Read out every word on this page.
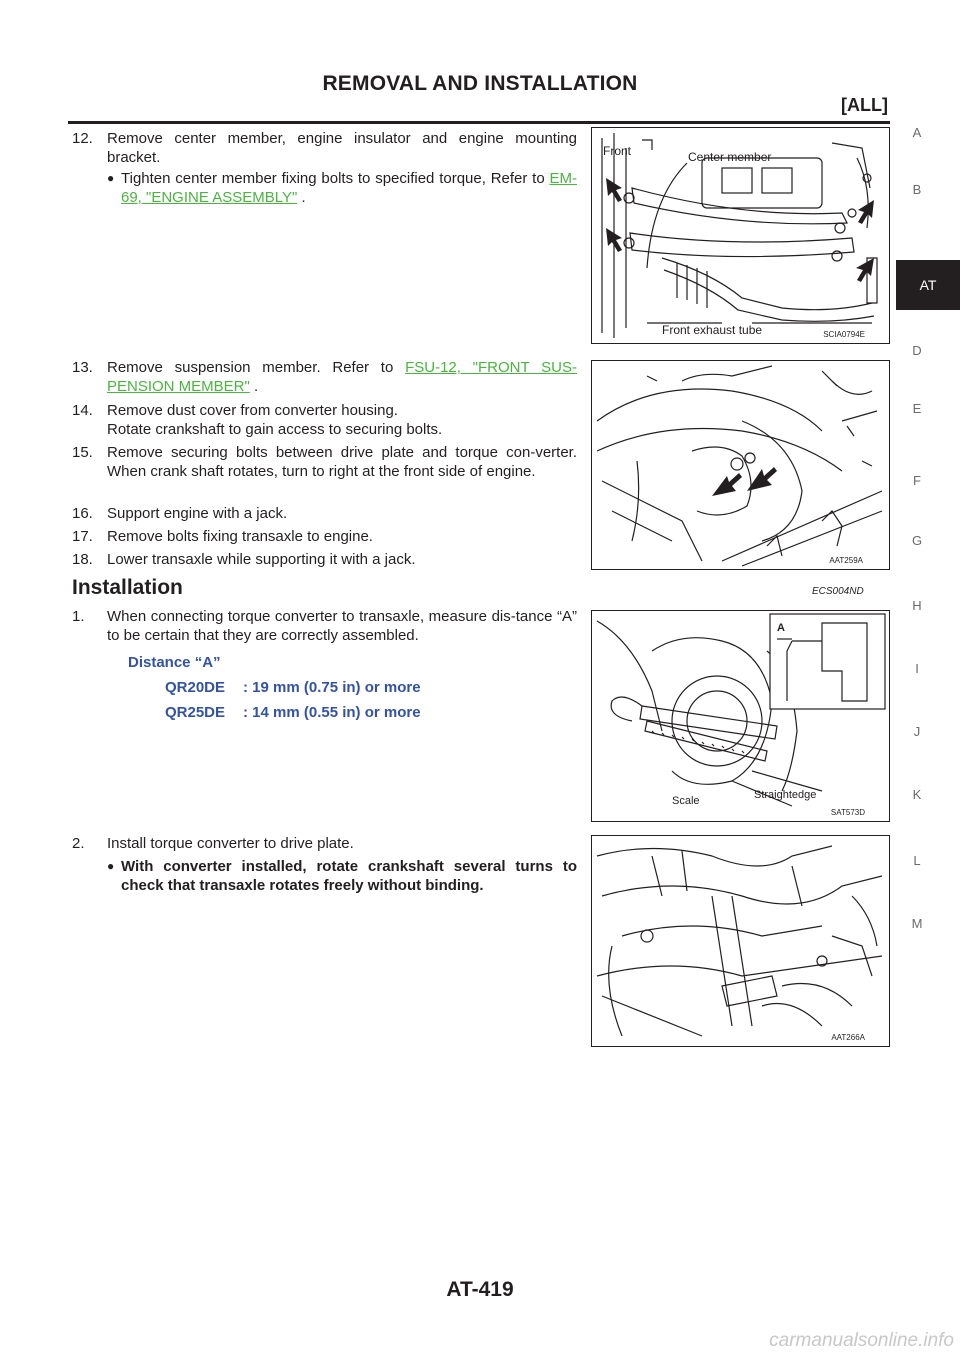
REMOVAL AND INSTALLATION
[ALL]
12. Remove center member, engine insulator and engine mounting bracket.
● Tighten center member fixing bolts to specified torque, Refer to EM-69, "ENGINE ASSEMBLY" .
13. Remove suspension member. Refer to FSU-12, "FRONT SUS-PENSION MEMBER" .
14. Remove dust cover from converter housing.
Rotate crankshaft to gain access to securing bolts.
15. Remove securing bolts between drive plate and torque con-verter. When crank shaft rotates, turn to right at the front side of engine.
16. Support engine with a jack.
17. Remove bolts fixing transaxle to engine.
18. Lower transaxle while supporting it with a jack.
Installation	ECS004ND
1. When connecting torque converter to transaxle, measure dis-tance “A” to be certain that they are correctly assembled.
Distance “A”
QR20DE : 19 mm (0.75 in) or more
QR25DE : 14 mm (0.55 in) or more
2. Install torque converter to drive plate.
● With converter installed, rotate crankshaft several turns to check that transaxle rotates freely without binding.
Front	Center member
Front exhaust tube	SCIA0794E
AAT259A
A
Scale	Straightedge
SAT573D
AAT266A
A
B
AT
D
E
F
G
H
I
J
K
L
M
AT-419
carmanualsonline.info
